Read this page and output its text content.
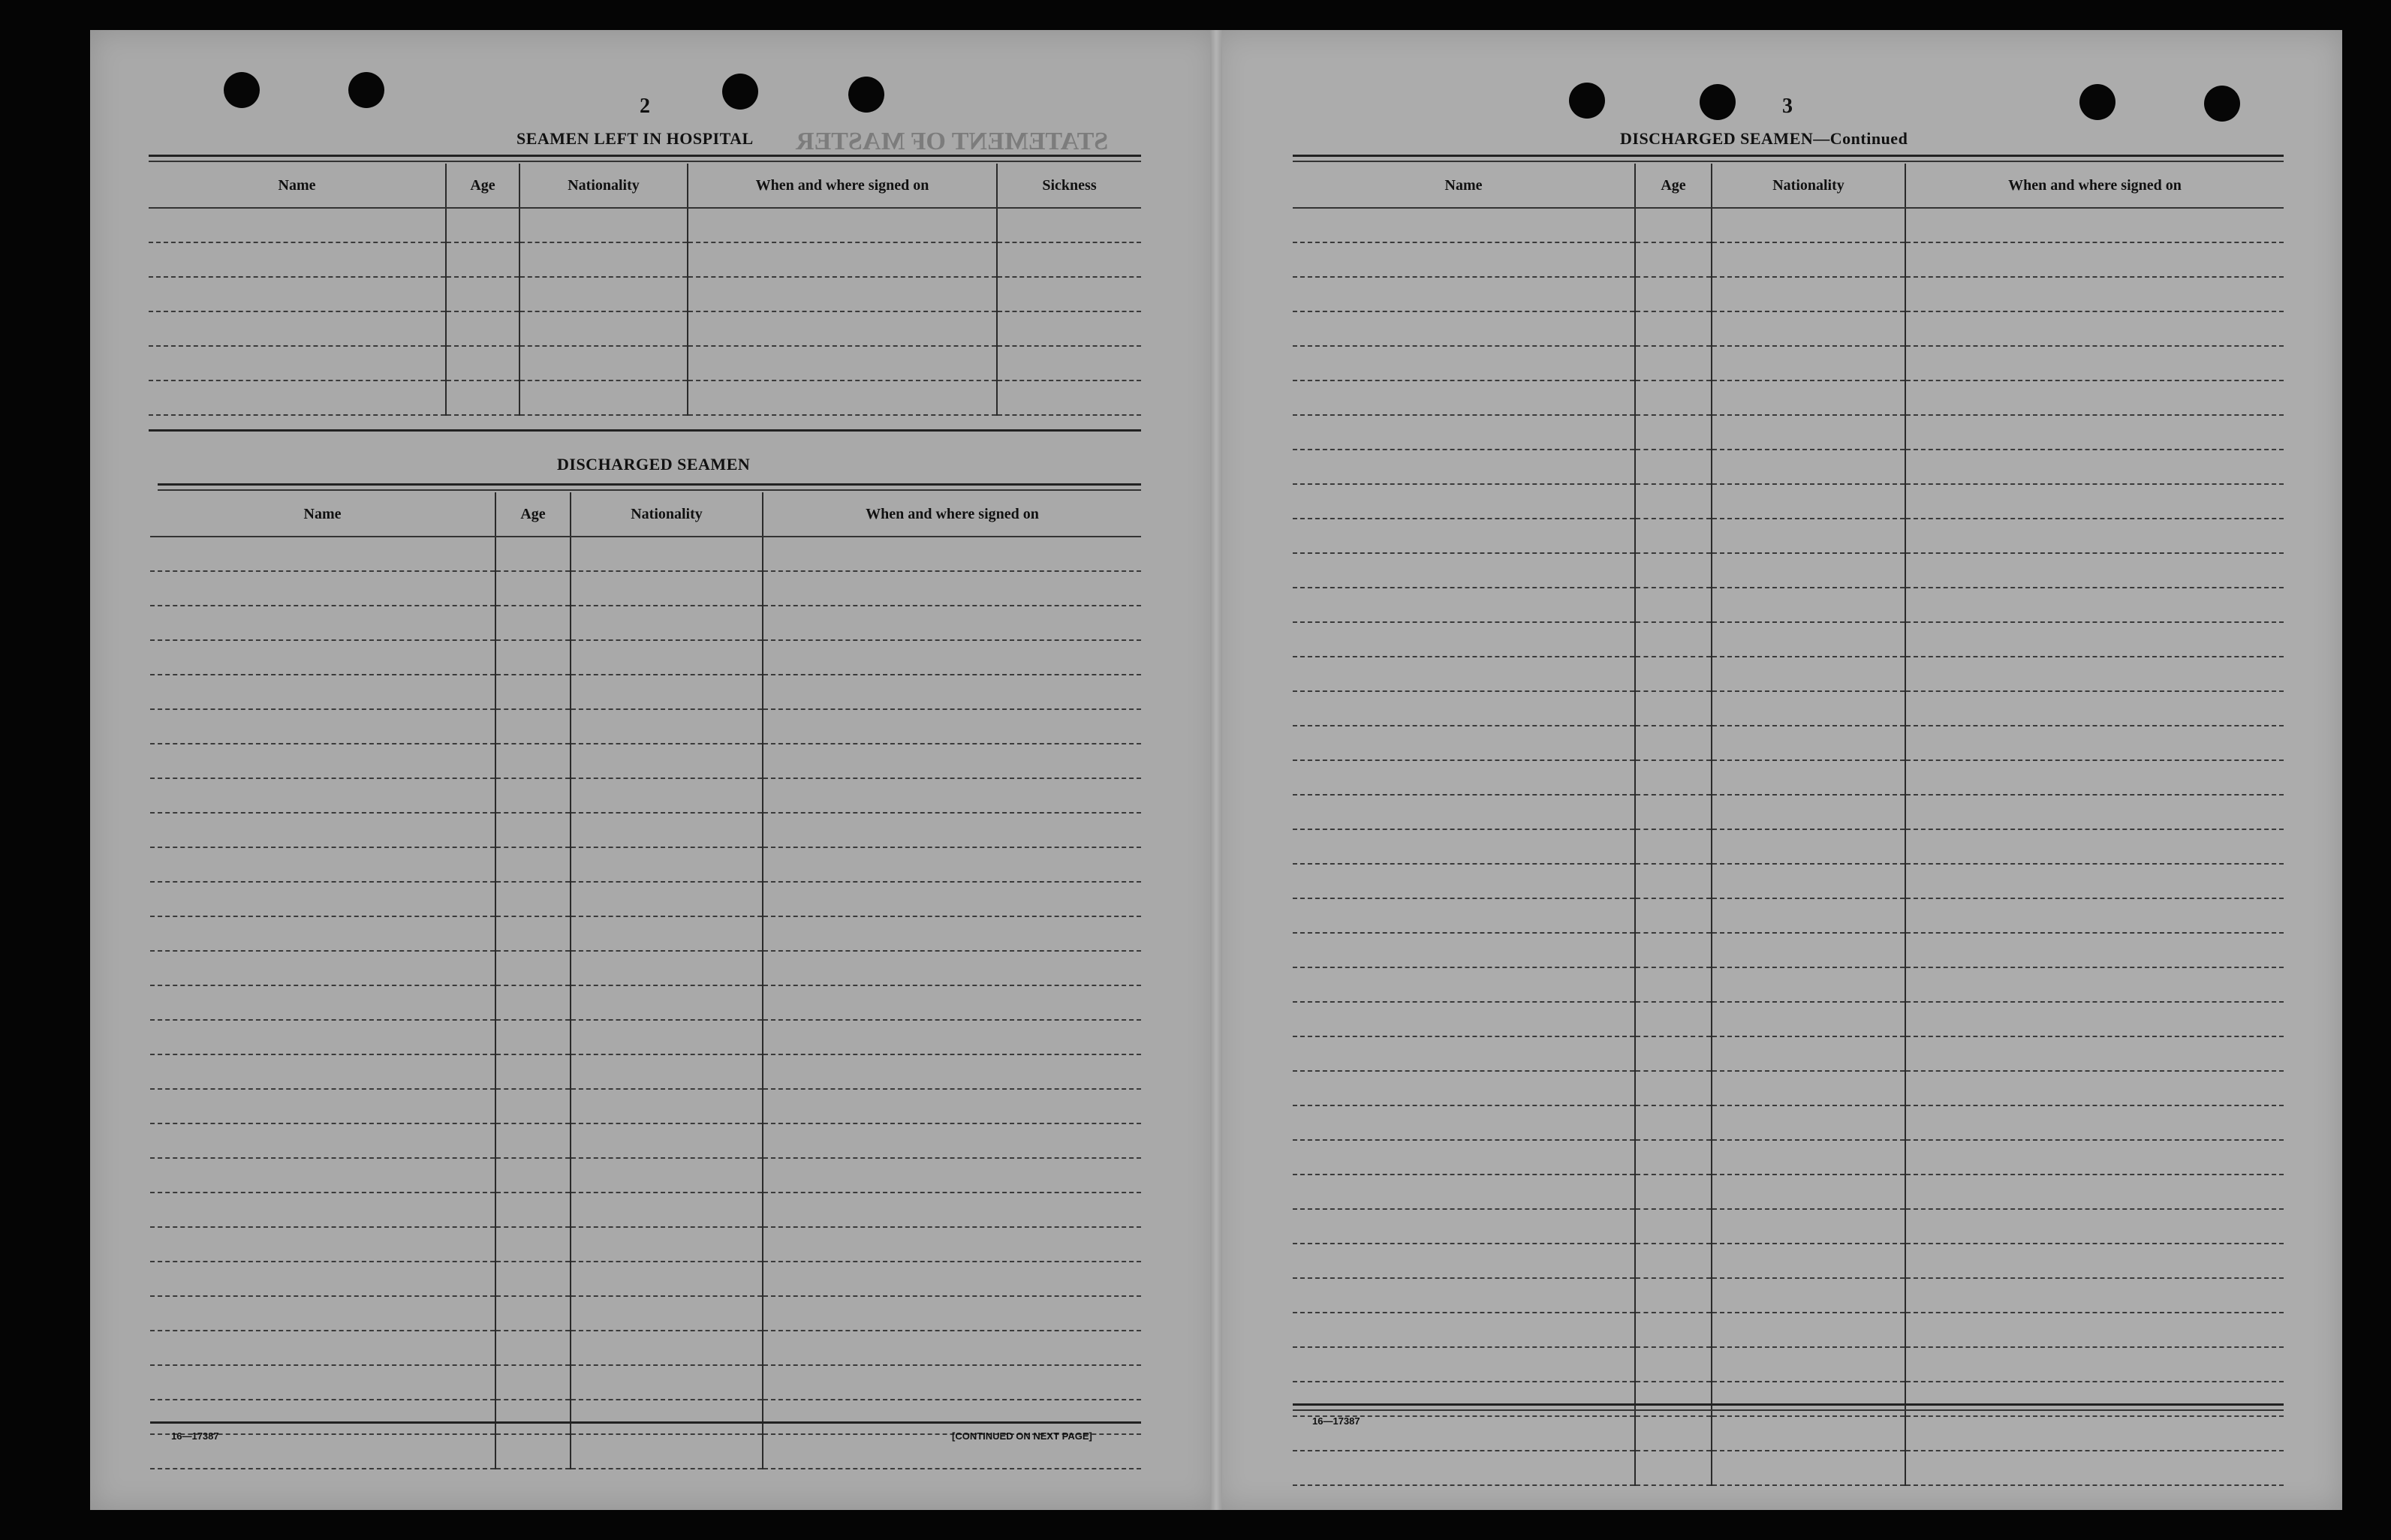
STATEMENT OF MASTER
2
SEAMEN LEFT IN HOSPITAL
Name	Age	Nationality	When and where signed on	Sickness

DISCHARGED SEAMEN
Name	Age	Nationality	When and where signed on

16—17387	[CONTINUED ON NEXT PAGE]
3
DISCHARGED SEAMEN—Continued
Name	Age	Nationality	When and where signed on

16—17387
